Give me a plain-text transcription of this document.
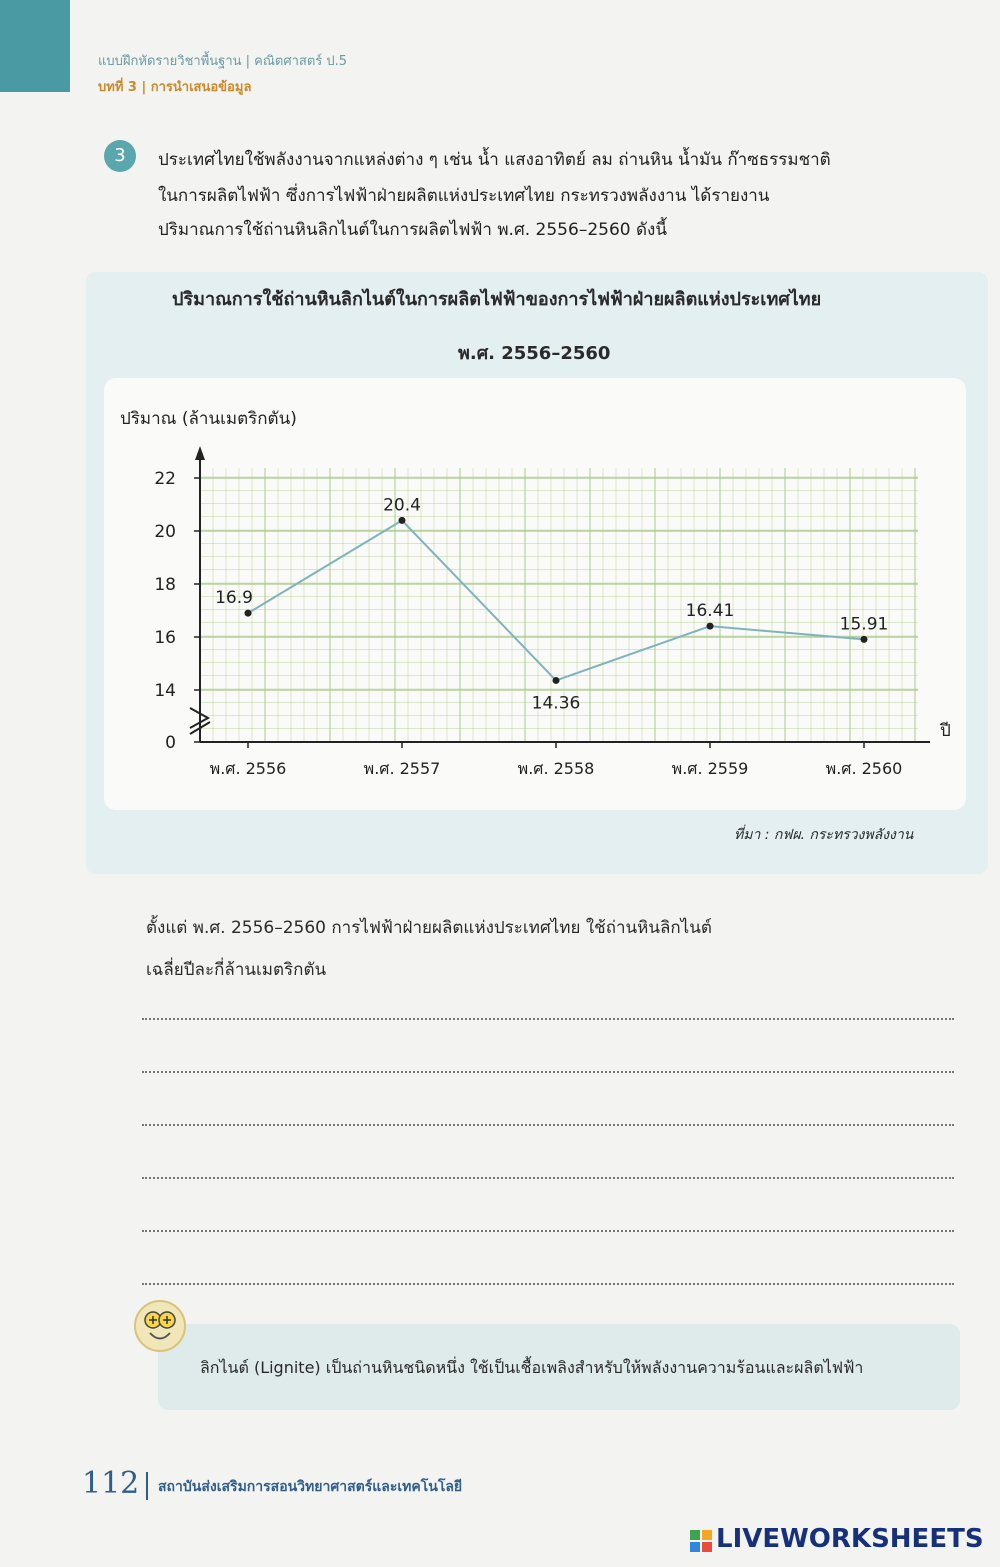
แบบฝึกหัดรายวิชาพื้นฐาน | คณิตศาสตร์ ป.5
บทที่ 3 | การนำเสนอข้อมูล
3	ประเทศไทยใช้พลังงานจากแหล่งต่าง ๆ เช่น น้ำ แสงอาทิตย์ ลม ถ่านหิน น้ำมัน ก๊าซธรรมชาติ
ในการผลิตไฟฟ้า ซึ่งการไฟฟ้าฝ่ายผลิตแห่งประเทศไทย กระทรวงพลังงาน ได้รายงาน
ปริมาณการใช้ถ่านหินลิกไนต์ในการผลิตไฟฟ้า พ.ศ. 2556–2560 ดังนี้
ปริมาณการใช้ถ่านหินลิกไนต์ในการผลิตไฟฟ้าของการไฟฟ้าฝ่ายผลิตแห่งประเทศไทย
พ.ศ. 2556–2560
0
14
16
18
20
22
ปริมาณ (ล้านเมตริกตัน)
ปี
พ.ศ. 2556	พ.ศ. 2557	พ.ศ. 2558	พ.ศ. 2559	พ.ศ. 2560
16.9
20.4
14.36
16.41
15.91
ที่มา : กฟผ. กระทรวงพลังงาน
ตั้งแต่ พ.ศ. 2556–2560 การไฟฟ้าฝ่ายผลิตแห่งประเทศไทย ใช้ถ่านหินลิกไนต์
เฉลี่ยปีละกี่ล้านเมตริกตัน
ลิกไนต์ (Lignite) เป็นถ่านหินชนิดหนึ่ง ใช้เป็นเชื้อเพลิงสำหรับให้พลังงานความร้อนและผลิตไฟฟ้า
112 สถาบันส่งเสริมการสอนวิทยาศาสตร์และเทคโนโลยี
LIVEWORKSHEETS
